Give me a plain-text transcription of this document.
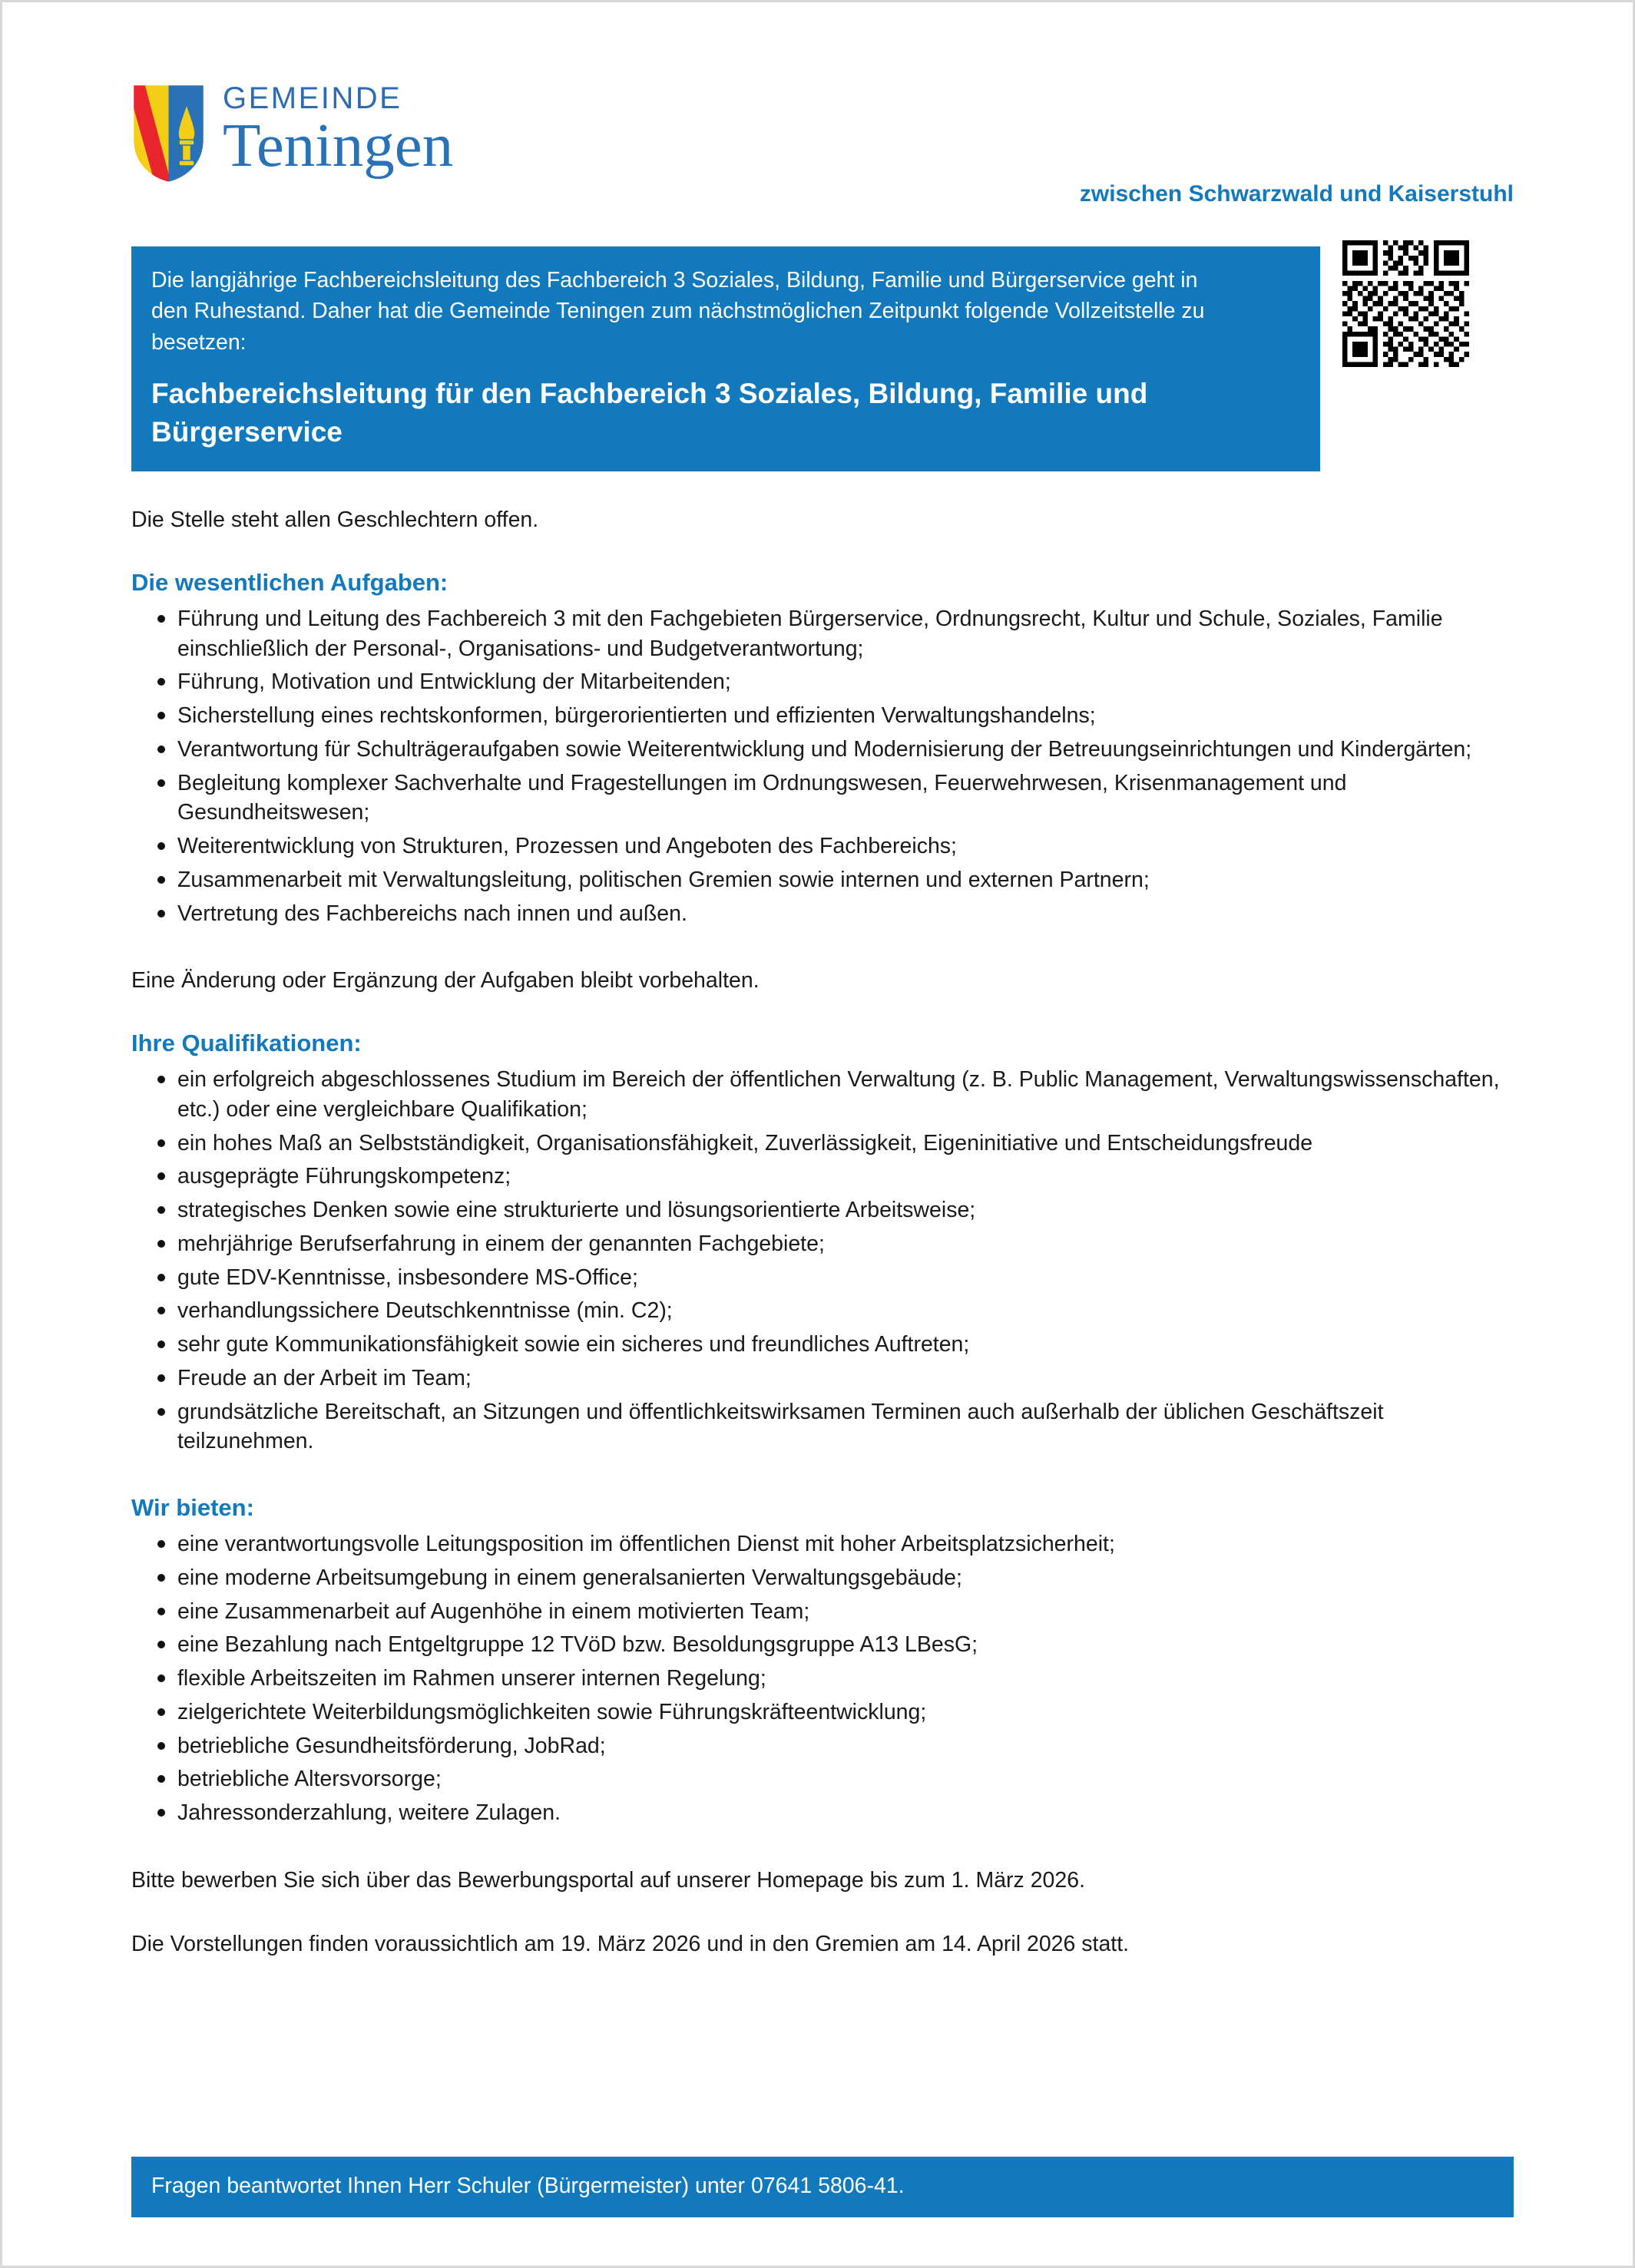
GEMEINDE
Teningen
zwischen Schwarzwald und Kaiserstuhl

Die langjährige Fachbereichsleitung des Fachbereich 3 Soziales, Bildung, Familie und Bürgerservice geht in den Ruhestand. Daher hat die Gemeinde Teningen zum nächstmöglichen Zeitpunkt folgende Vollzeitstelle zu besetzen:

Fachbereichsleitung für den Fachbereich 3 Soziales, Bildung, Familie und Bürgerservice

Die Stelle steht allen Geschlechtern offen.

Die wesentlichen Aufgaben:
Führung und Leitung des Fachbereich 3 mit den Fachgebieten Bürgerservice, Ordnungsrecht, Kultur und Schule, Soziales, Familie einschließlich der Personal-, Organisations- und Budgetverantwortung;
Führung, Motivation und Entwicklung der Mitarbeitenden;
Sicherstellung eines rechtskonformen, bürgerorientierten und effizienten Verwaltungshandelns;
Verantwortung für Schulträgeraufgaben sowie Weiterentwicklung und Modernisierung der Betreuungseinrichtungen und Kindergärten;
Begleitung komplexer Sachverhalte und Fragestellungen im Ordnungswesen, Feuerwehrwesen, Krisenmanagement und Gesundheitswesen;
Weiterentwicklung von Strukturen, Prozessen und Angeboten des Fachbereichs;
Zusammenarbeit mit Verwaltungsleitung, politischen Gremien sowie internen und externen Partnern;
Vertretung des Fachbereichs nach innen und außen.

Eine Änderung oder Ergänzung der Aufgaben bleibt vorbehalten.

Ihre Qualifikationen:
ein erfolgreich abgeschlossenes Studium im Bereich der öffentlichen Verwaltung (z. B. Public Management, Verwaltungswissenschaften, etc.) oder eine vergleichbare Qualifikation;
ein hohes Maß an Selbstständigkeit, Organisationsfähigkeit, Zuverlässigkeit, Eigeninitiative und Entscheidungsfreude
ausgeprägte Führungskompetenz;
strategisches Denken sowie eine strukturierte und lösungsorientierte Arbeitsweise;
mehrjährige Berufserfahrung in einem der genannten Fachgebiete;
gute EDV-Kenntnisse, insbesondere MS-Office;
verhandlungssichere Deutschkenntnisse (min. C2);
sehr gute Kommunikationsfähigkeit sowie ein sicheres und freundliches Auftreten;
Freude an der Arbeit im Team;
grundsätzliche Bereitschaft, an Sitzungen und öffentlichkeitswirksamen Terminen auch außerhalb der üblichen Geschäftszeit teilzunehmen.
Wir bieten:
eine verantwortungsvolle Leitungsposition im öffentlichen Dienst mit hoher Arbeitsplatzsicherheit;
eine moderne Arbeitsumgebung in einem generalsanierten Verwaltungsgebäude;
eine Zusammenarbeit auf Augenhöhe in einem motivierten Team;
eine Bezahlung nach Entgeltgruppe 12 TVöD bzw. Besoldungsgruppe A13 LBesG;
flexible Arbeitszeiten im Rahmen unserer internen Regelung;
zielgerichtete Weiterbildungsmöglichkeiten sowie Führungskräfteentwicklung;
betriebliche Gesundheitsförderung, JobRad;
betriebliche Altersvorsorge;
Jahressonderzahlung, weitere Zulagen.

Bitte bewerben Sie sich über das Bewerbungsportal auf unserer Homepage bis zum 1. März 2026.

Die Vorstellungen finden voraussichtlich am 19. März 2026 und in den Gremien am 14. April 2026 statt.

Fragen beantwortet Ihnen Herr Schuler (Bürgermeister) unter 07641 5806-41.
